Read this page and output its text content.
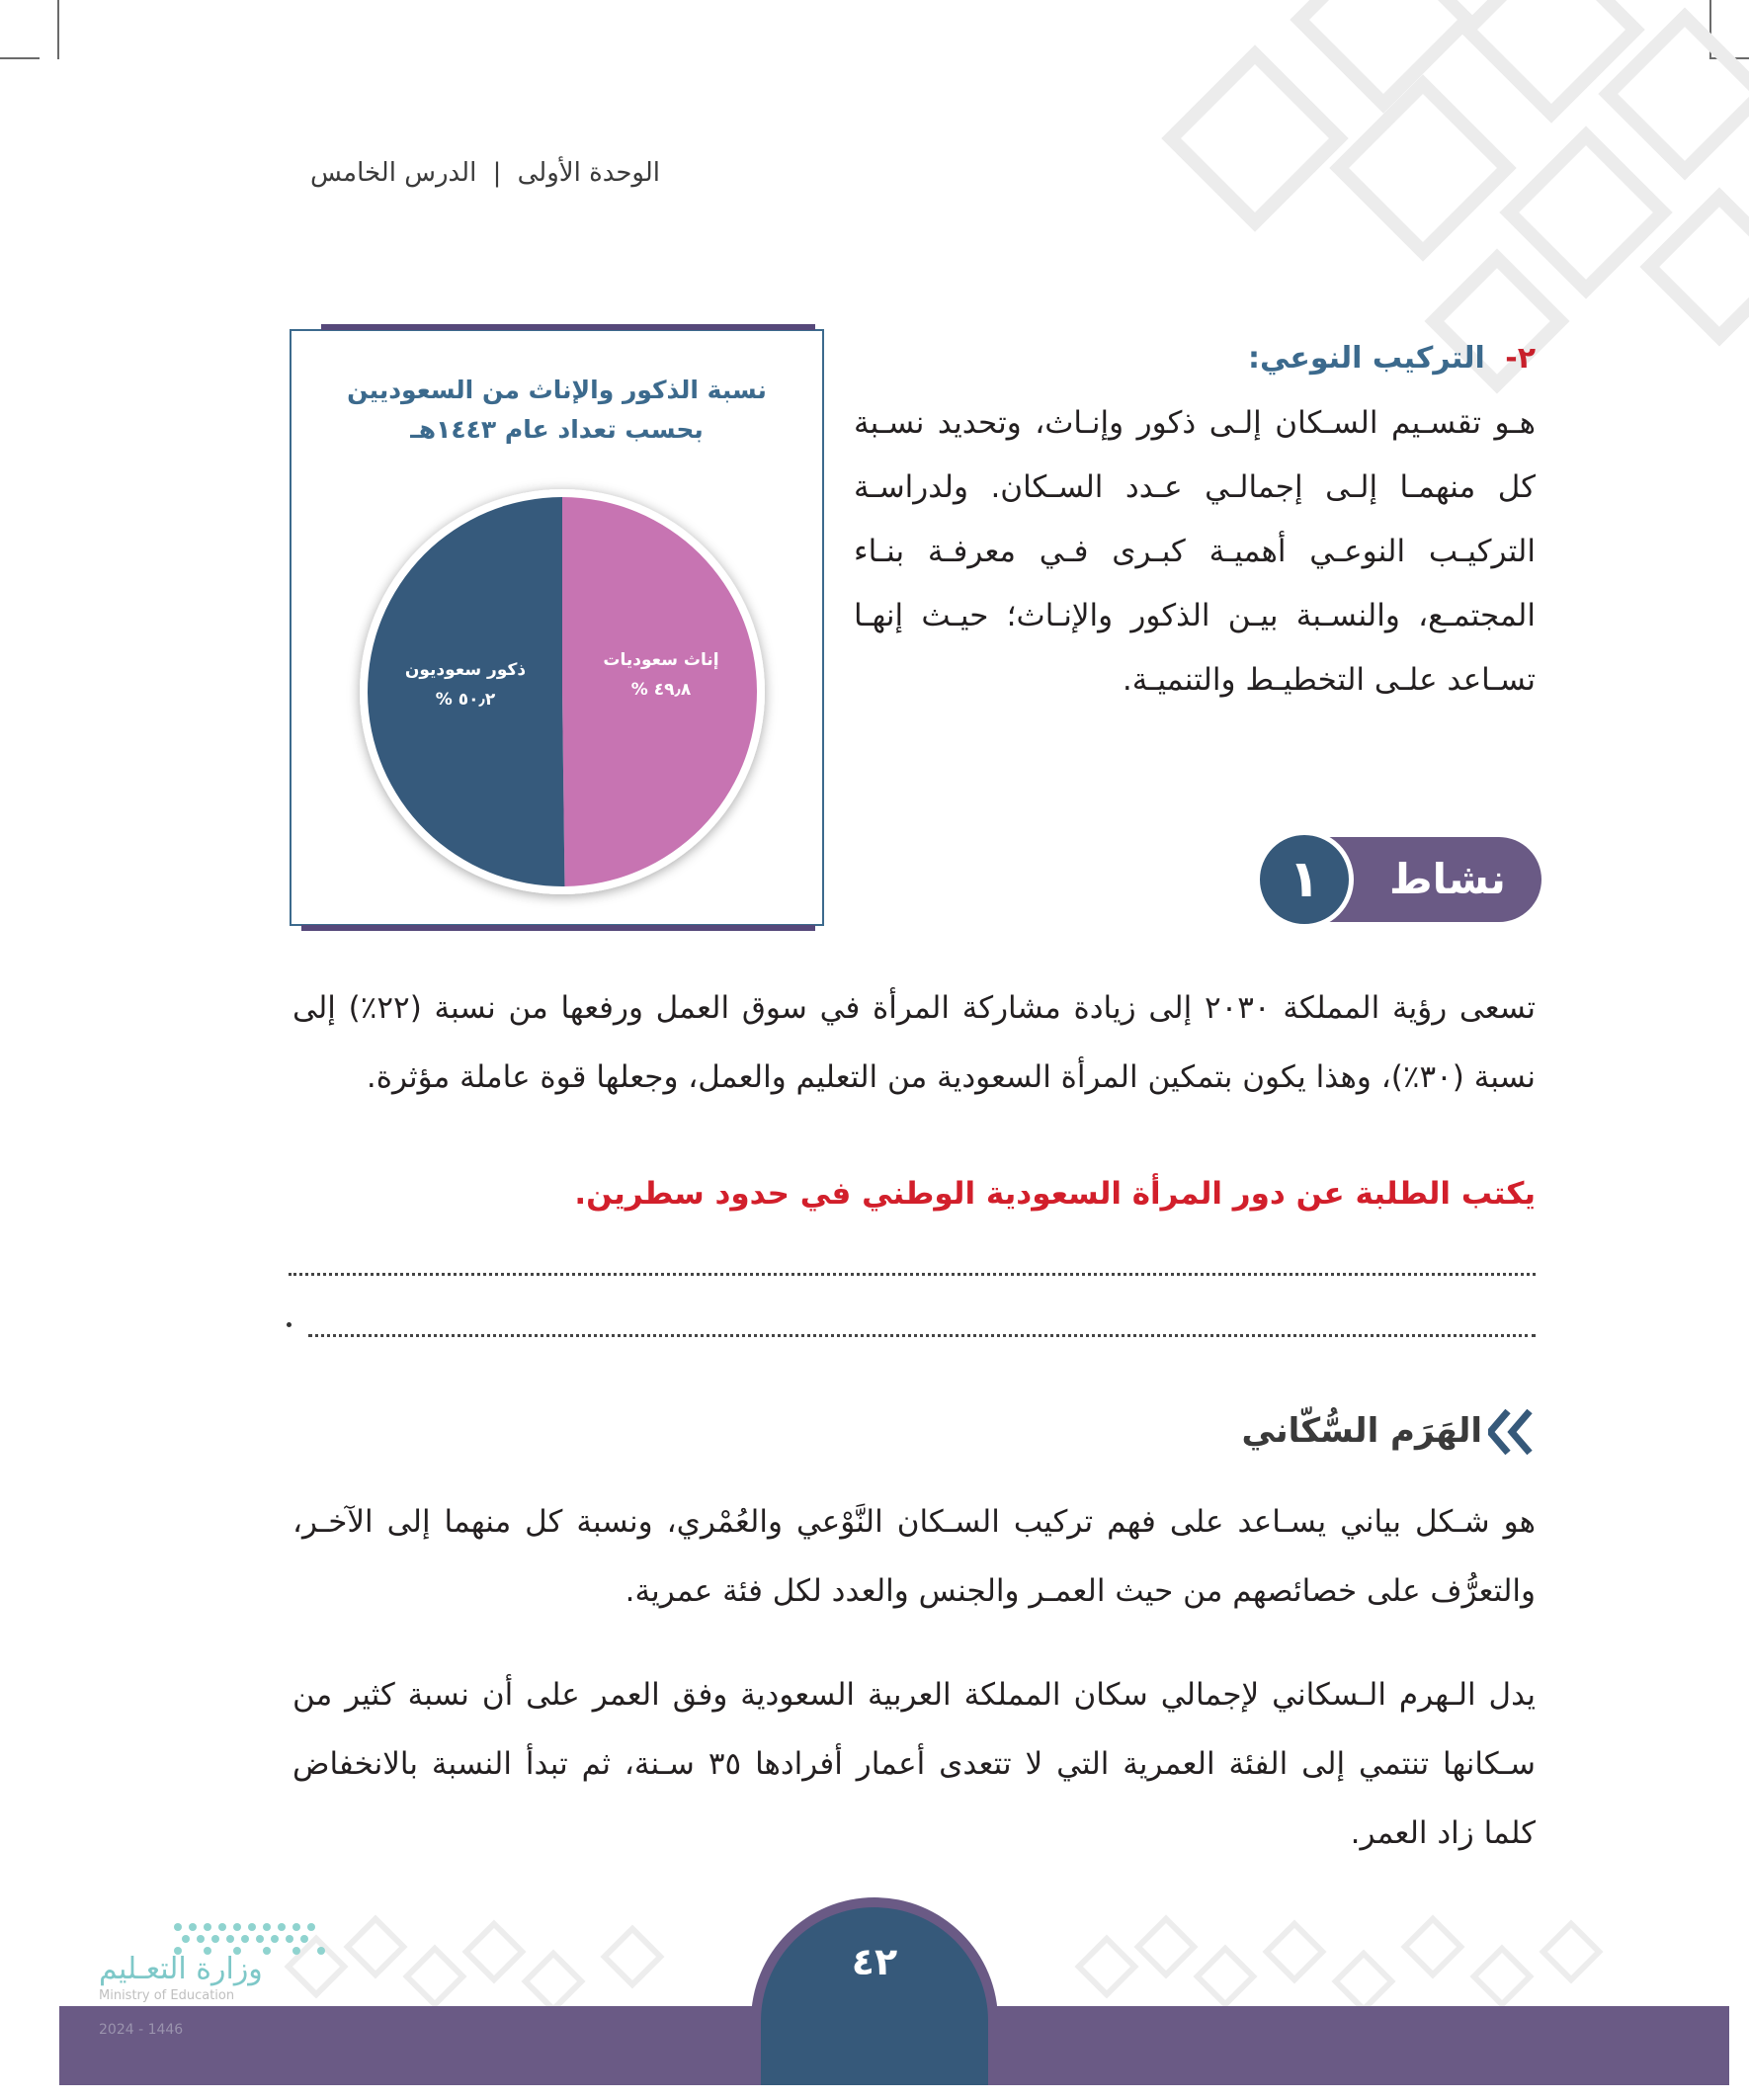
الوحدة الأولى | الدرس الخامس
نسبة الذكور والإناث من السعوديين
بحسب تعداد عام ١٤٤٣هـ
إناث سعوديات
٤٩٫٨ %
ذكور سعوديون
٥٠٫٢ %
٢- التركيب النوعي:
هـو تقسـيم السـكان إلـى ذكور وإنـاث، وتحديد نسـبة كل منهمـا إلـى إجمالـي عـدد السـكان. ولدراسـة التركيـب النوعـي أهميـة كبـرى فـي معرفـة بنـاء المجتمـع، والنسـبة بيـن الذكور والإنـاث؛ حيـث إنهـا تسـاعد علـى التخطيـط والتنميـة.
نشاط
١
تسعى رؤية المملكة ٢٠٣٠ إلى زيادة مشاركة المرأة في سوق العمل ورفعها من نسبة (٢٢٪) إلى نسبة (٣٠٪)، وهذا يكون بتمكين المرأة السعودية من التعليم والعمل، وجعلها قوة عاملة مؤثرة.
يكتب الطلبة عن دور المرأة السعودية الوطني في حدود سطرين.
الهَرَم السُّكّاني
هو شـكل بياني يسـاعد على فهم تركيب السـكان النَّوْعي والعُمْري، ونسبة كل منهما إلى الآخـر، والتعرُّف على خصائصهم من حيث العمـر والجنس والعدد لكل فئة عمرية.
يدل الـهرم الـسكاني لإجمالي سكان المملكة العربية السعودية وفق العمر على أن نسبة كثير من سـكانها تنتمي إلى الفئة العمرية التي لا تتعدى أعمار أفرادها ٣٥ سـنة، ثم تبدأ النسبة بالانخفاض كلما زاد العمر.
٤٢
وزارة التعـليم
Ministry of Education
2024 - 1446
